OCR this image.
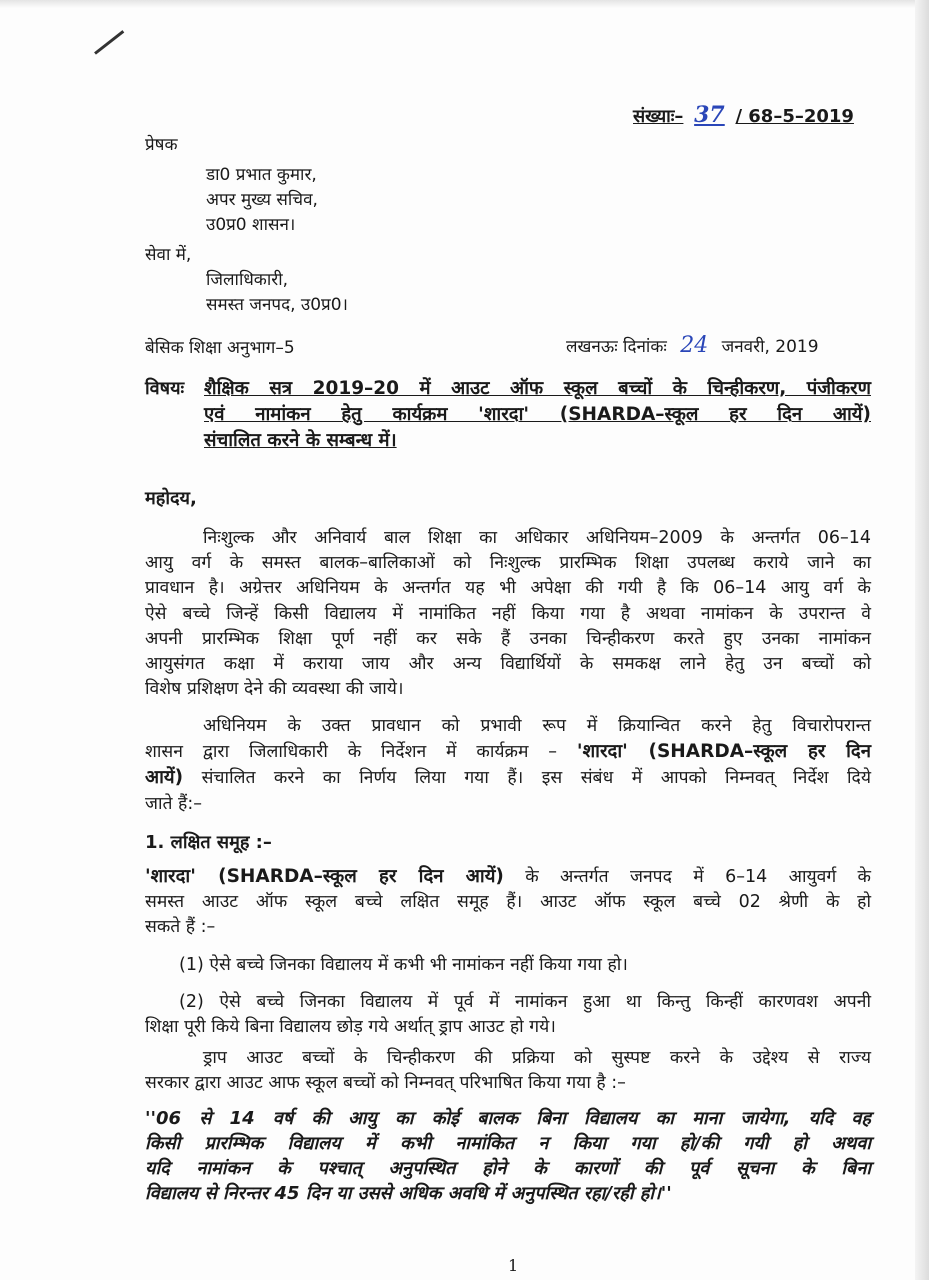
संख्याः– 37 / 68–5–2019
प्रेषक
डा0 प्रभात कुमार,
अपर मुख्य सचिव,
उ0प्र0 शासन।
सेवा में,
जिलाधिकारी,
समस्त जनपद, उ0प्र0।
बेसिक शिक्षा अनुभाग–5	लखनऊः दिनांकः 24 जनवरी, 2019
विषयः शैक्षिक सत्र 2019–20 में आउट ऑफ स्कूल बच्चों के चिन्हीकरण, पंजीकरण
एवं नामांकन हेतु कार्यक्रम 'शारदा' (SHARDA–स्कूल हर दिन आयें)
संचालित करने के सम्बन्ध में।
महोदय,
निःशुल्क और अनिवार्य बाल शिक्षा का अधिकार अधिनियम–2009 के अन्तर्गत 06–14
आयु वर्ग के समस्त बालक–बालिकाओं को निःशुल्क प्रारम्भिक शिक्षा उपलब्ध कराये जाने का
प्रावधान है। अग्रेत्तर अधिनियम के अन्तर्गत यह भी अपेक्षा की गयी है कि 06–14 आयु वर्ग के
ऐसे बच्चे जिन्हें किसी विद्यालय में नामांकित नहीं किया गया है अथवा नामांकन के उपरान्त वे
अपनी प्रारम्भिक शिक्षा पूर्ण नहीं कर सके हैं उनका चिन्हीकरण करते हुए उनका नामांकन
आयुसंगत कक्षा में कराया जाय और अन्य विद्यार्थियों के समकक्ष लाने हेतु उन बच्चों को
विशेष प्रशिक्षण देने की व्यवस्था की जाये।
अधिनियम के उक्त प्रावधान को प्रभावी रूप में क्रियान्वित करने हेतु विचारोपरान्त
शासन द्वारा जिलाधिकारी के निर्देशन में कार्यक्रम – 'शारदा' (SHARDA–स्कूल हर दिन
आयें) संचालित करने का निर्णय लिया गया हैं। इस संबंध में आपको निम्नवत् निर्देश दिये
जाते हैं:–
1. लक्षित समूह :–
'शारदा' (SHARDA–स्कूल हर दिन आयें) के अन्तर्गत जनपद में 6–14 आयुवर्ग के
समस्त आउट ऑफ स्कूल बच्चे लक्षित समूह हैं। आउट ऑफ स्कूल बच्चे 02 श्रेणी के हो
सकते हैं :–
(1) ऐसे बच्चे जिनका विद्यालय में कभी भी नामांकन नहीं किया गया हो।
(2) ऐसे बच्चे जिनका विद्यालय में पूर्व में नामांकन हुआ था किन्तु किन्हीं कारणवश अपनी
शिक्षा पूरी किये बिना विद्यालय छोड़ गये अर्थात् ड्राप आउट हो गये।
ड्राप आउट बच्चों के चिन्हीकरण की प्रक्रिया को सुस्पष्ट करने के उद्देश्य से राज्य
सरकार द्वारा आउट आफ स्कूल बच्चों को निम्नवत् परिभाषित किया गया है :–
''06 से 14 वर्ष की आयु का कोई बालक बिना विद्यालय का माना जायेगा, यदि वह
किसी प्रारम्भिक विद्यालय में कभी नामांकित न किया गया हो/की गयी हो अथवा
यदि नामांकन के पश्चात् अनुपस्थित होने के कारणों की पूर्व सूचना के बिना
विद्यालय से निरन्तर 45 दिन या उससे अधिक अवधि में अनुपस्थित रहा/रही हो।''
1
